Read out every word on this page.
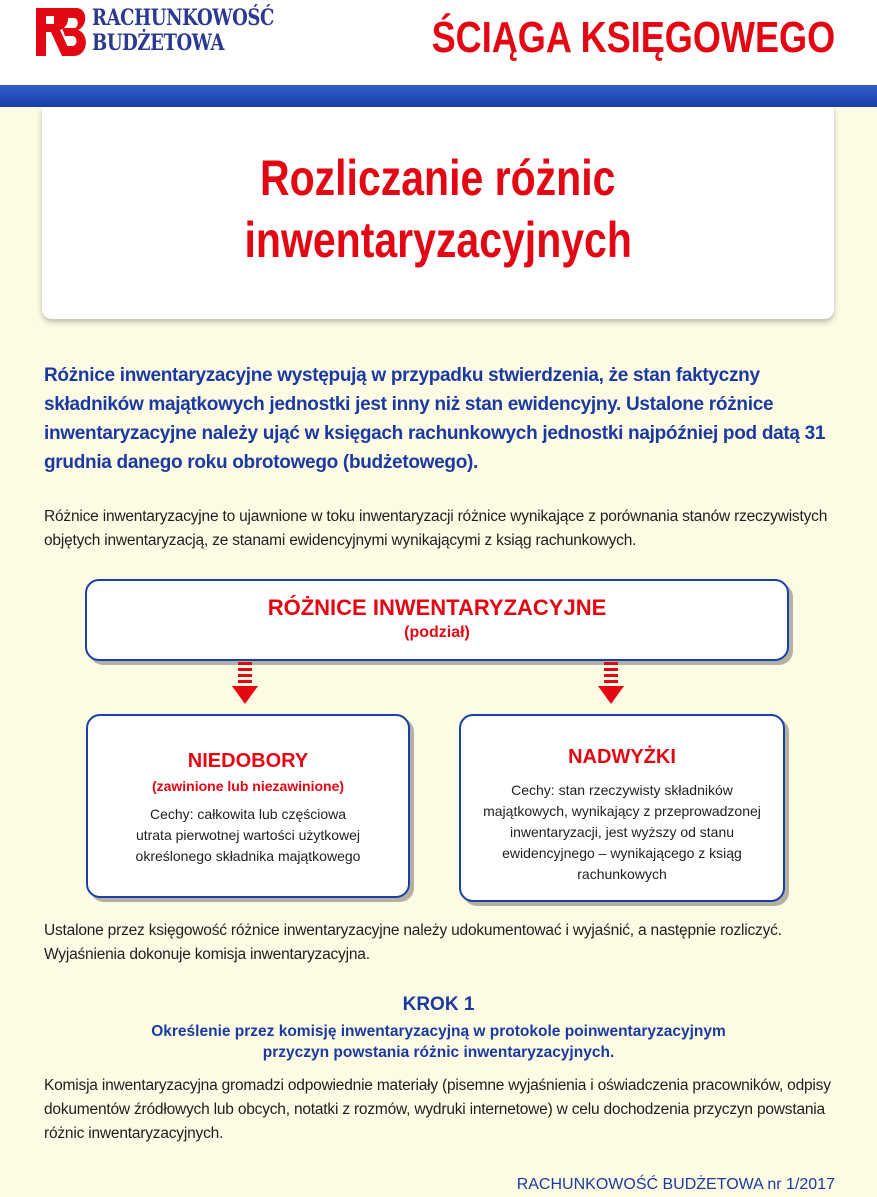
RACHUNKOWOŚĆ
BUDŻETOWA	ŚCIĄGA KSIĘGOWEGO
Rozliczanie różnic
inwentaryzacyjnych
Różnice inwentaryzacyjne występują w przypadku stwierdzenia, że stan faktyczny składników majątkowych jednostki jest inny niż stan ewidencyjny. Ustalone różnice inwentaryzacyjne należy ująć w księgach rachunkowych jednostki najpóźniej pod datą 31 grudnia danego roku obrotowego (budżetowego).
Różnice inwentaryzacyjne to ujawnione w toku inwentaryzacji różnice wynikające z porównania stanów rzeczywistych objętych inwentaryzacją, ze stanami ewidencyjnymi wynikającymi z ksiąg rachunkowych.
RÓŻNICE INWENTARYZACYJNE
(podział)
NIEDOBORY
(zawinione lub niezawinione)
Cechy: całkowita lub częściowa
utrata pierwotnej wartości użytkowej
określonego składnika majątkowego
NADWYŻKI
Cechy: stan rzeczywisty składników
majątkowych, wynikający z przeprowadzonej
inwentaryzacji, jest wyższy od stanu
ewidencyjnego – wynikającego z ksiąg
rachunkowych
Ustalone przez księgowość różnice inwentaryzacyjne należy udokumentować i wyjaśnić, a następnie rozliczyć. Wyjaśnienia dokonuje komisja inwentaryzacyjna.
KROK 1
Określenie przez komisję inwentaryzacyjną w protokole poinwentaryzacyjnym
przyczyn powstania różnic inwentaryzacyjnych.
Komisja inwentaryzacyjna gromadzi odpowiednie materiały (pisemne wyjaśnienia i oświadczenia pracowników, odpisy dokumentów źródłowych lub obcych, notatki z rozmów, wydruki internetowe) w celu dochodzenia przyczyn powstania różnic inwentaryzacyjnych.
RACHUNKOWOŚĆ BUDŻETOWA nr 1/2017
